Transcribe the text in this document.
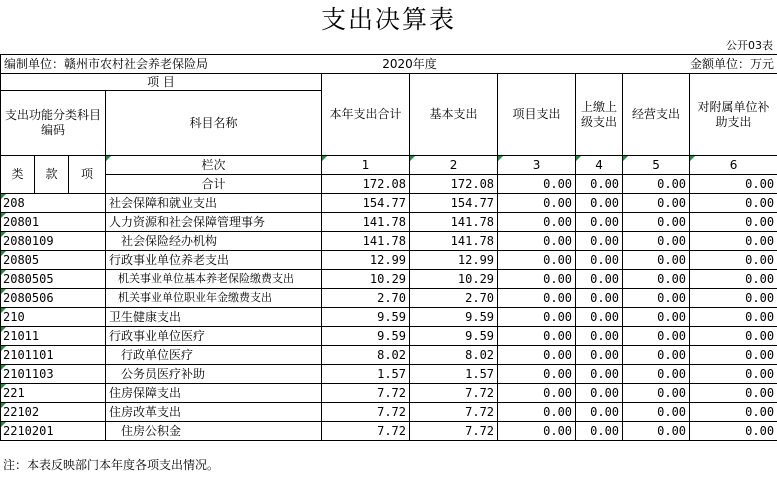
支出决算表
公开03表
编制单位：赣州市农村社会养老保险局				2020年度		金额单位：万元			
项 目				本年支出合计	基本支出	项目支出	上缴上级支出	经营支出	对附属单位补助支出
支出功能分类科目编码			科目名称						

类	款	项	栏次	1	2	3	4	5	6
			合计	172.08	172.08	0.00	0.00	0.00	0.00
208			社会保障和就业支出	154.77	154.77	0.00	0.00	0.00	0.00
20801			人力资源和社会保障管理事务	141.78	141.78	0.00	0.00	0.00	0.00
2080109			社会保险经办机构	141.78	141.78	0.00	0.00	0.00	0.00
20805			行政事业单位养老支出	12.99	12.99	0.00	0.00	0.00	0.00
2080505			机关事业单位基本养老保险缴费支出	10.29	10.29	0.00	0.00	0.00	0.00
2080506			机关事业单位职业年金缴费支出	2.70	2.70	0.00	0.00	0.00	0.00
210			卫生健康支出	9.59	9.59	0.00	0.00	0.00	0.00
21011			行政事业单位医疗	9.59	9.59	0.00	0.00	0.00	0.00
2101101			行政单位医疗	8.02	8.02	0.00	0.00	0.00	0.00
2101103			公务员医疗补助	1.57	1.57	0.00	0.00	0.00	0.00
221			住房保障支出	7.72	7.72	0.00	0.00	0.00	0.00
22102			住房改革支出	7.72	7.72	0.00	0.00	0.00	0.00
2210201			住房公积金	7.72	7.72	0.00	0.00	0.00	0.00
注：本表反映部门本年度各项支出情况。
